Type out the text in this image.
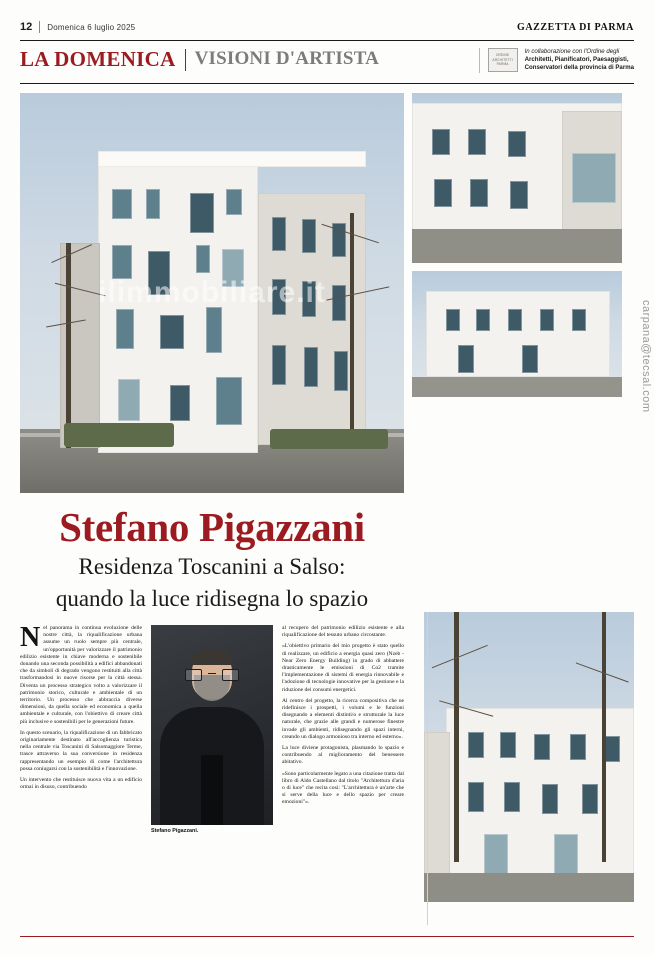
12	Domenica 6 luglio 2025	GAZZETTA DI PARMA
LA DOMENICA VISIONI D'ARTISTA	ORDINE ARCHITETTI PARMA
In collaborazione con l'Ordine degli
Architetti, Pianificatori, Paesaggisti,
Conservatori della provincia di Parma
ilimmobiliare.it
carpana@tecsal.com
Stefano Pigazzani
Residenza Toscanini a Salso:
quando la luce ridisegna lo spazio

Nel panorama in continua evoluzione delle nostre città, la riqualificazione urbana assume un ruolo sempre più centrale, un'opportunità per valorizzare il patrimonio edilizio esistente in chiave moderna e sostenibile donando una seconda possibilità a edifici abbandonati che da simboli di degrado vengono restituiti alla città trasformandosi in nuove risorse per la città stessa. Diventa un processo strategico volto a valorizzare il patrimonio storico, culturale e ambientale di un territorio. Un processo che abbraccia diverse dimensioni, da quella sociale ed economica a quella ambientale e culturale, con l'obiettivo di creare città più inclusive e sostenibili per le generazioni future.

In questo scenario, la riqualificazione di un fabbricato originariamente destinato all'accoglienza turistica nella centrale via Toscanini di Salsomaggiore Terme, trasce attraverso la sua conversione in residenza rappresentando un esempio di come l'architettura possa coniugarsi con la sostenibilità e l'innovazione.

Un intervento che restituisce nuova vita a un edificio ormai in disuso, contribuendo

Stefano Pigazzani.

al recupero del patrimonio edilizio esistente e alla riqualificazione del tessuto urbano circostante.

«L'obiettivo primario del mio progetto è stato quello di realizzare, un edificio a energia quasi zero (Nzeb - Near Zero Energy Building) in grado di abbattere drasticamente le emissioni di Co2 tramite l'implementazione di sistemi di energia rinnovabile e l'adozione di tecnologie innovative per la gestione e la riduzione dei consumi energetici.

Al centro del progetto, la ricerca compositiva che ne ridefinisce i prospetti, i volumi e le funzioni disegnando a elementi distinti/o e strutturale la luce naturale, che grazie alle grandi e numerose finestre invade gli ambienti, ridisegnando gli spazi interni, creando un dialogo armonioso tra interno ed esterno».

La luce diviene protagonista, plasmando lo spazio e contribuendo al miglioramento del benessere abitativo.

«Sono particolarmente legato a una citazione tratta dal libro di Aldo Castellano dal titolo "Architettura d'aria o di luce" che recita così: "L'architettura è un'arte che si serve della luce e dello spazio per creare emozioni"».
